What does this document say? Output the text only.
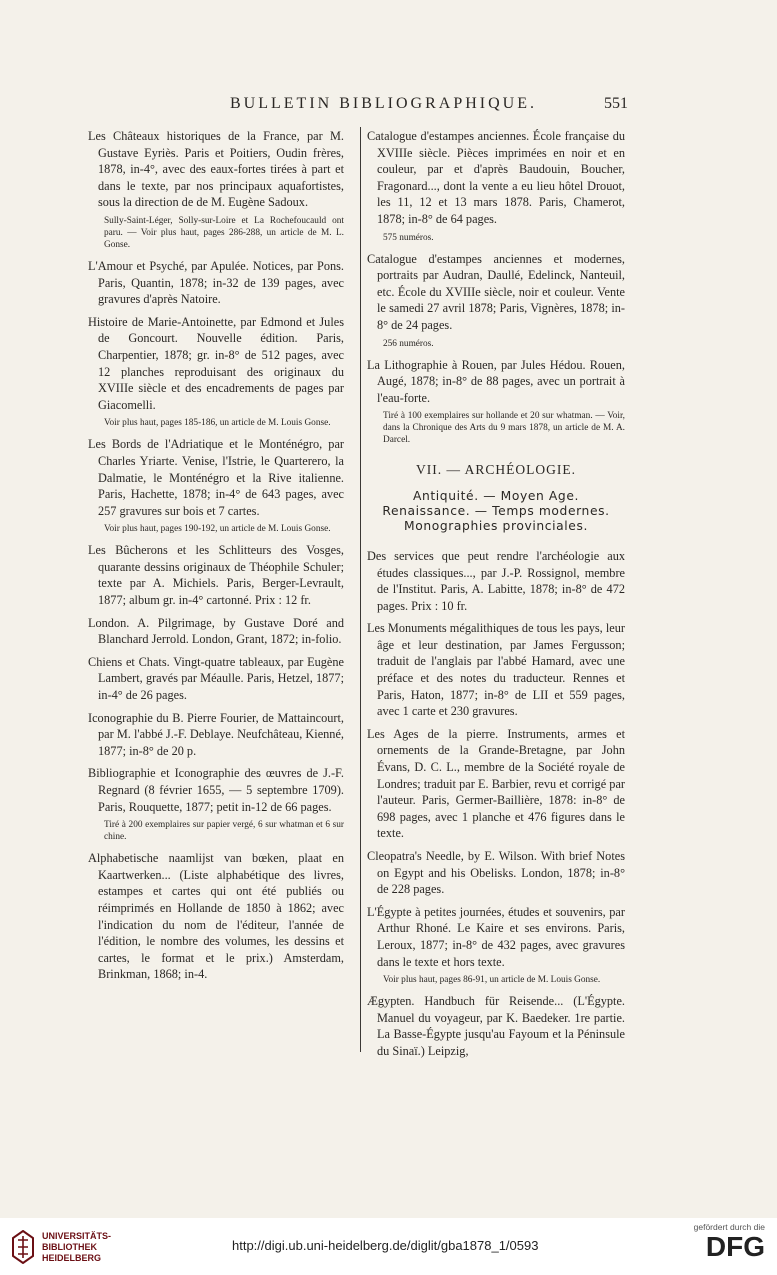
BULLETIN BIBLIOGRAPHIQUE.	551

Les Châteaux historiques de la France, par M. Gustave Eyriès. Paris et Poitiers, Oudin frères, 1878, in-4°, avec des eaux-fortes tirées à part et dans le texte, par nos principaux aquafortistes, sous la direction de de M. Eugène Sadoux.

Sully-Saint-Léger, Solly-sur-Loire et La Rochefoucauld ont paru. — Voir plus haut, pages 286-288, un article de M. L. Gonse.

L'Amour et Psyché, par Apulée. Notices, par Pons. Paris, Quantin, 1878; in-32 de 139 pages, avec gravures d'après Natoire.

Histoire de Marie-Antoinette, par Edmond et Jules de Goncourt. Nouvelle édition. Paris, Charpentier, 1878; gr. in-8° de 512 pages, avec 12 planches reproduisant des originaux du XVIIIe siècle et des encadrements de pages par Giacomelli.

Voir plus haut, pages 185-186, un article de M. Louis Gonse.

Les Bords de l'Adriatique et le Monténégro, par Charles Yriarte. Venise, l'Istrie, le Quarterero, la Dalmatie, le Monténégro et la Rive italienne. Paris, Hachette, 1878; in-4° de 643 pages, avec 257 gravures sur bois et 7 cartes.

Voir plus haut, pages 190-192, un article de M. Louis Gonse.

Les Bûcherons et les Schlitteurs des Vosges, quarante dessins originaux de Théophile Schuler; texte par A. Michiels. Paris, Berger-Levrault, 1877; album gr. in-4° cartonné. Prix : 12 fr.

London. A. Pilgrimage, by Gustave Doré and Blanchard Jerrold. London, Grant, 1872; in-folio.

Chiens et Chats. Vingt-quatre tableaux, par Eugène Lambert, gravés par Méaulle. Paris, Hetzel, 1877; in-4° de 26 pages.

Iconographie du B. Pierre Fourier, de Mattaincourt, par M. l'abbé J.-F. Deblaye. Neufchâteau, Kienné, 1877; in-8° de 20 p.

Bibliographie et Iconographie des œuvres de J.-F. Regnard (8 février 1655, — 5 septembre 1709). Paris, Rouquette, 1877; petit in-12 de 66 pages.

Tiré à 200 exemplaires sur papier vergé, 6 sur whatman et 6 sur chine.

Alphabetische naamlijst van bœken, plaat en Kaartwerken... (Liste alphabétique des livres, estampes et cartes qui ont été publiés ou réimprimés en Hollande de 1850 à 1862; avec l'indication du nom de l'éditeur, l'année de l'édition, le nombre des volumes, les dessins et cartes, le format et le prix.) Amsterdam, Brinkman, 1868; in-4.

Catalogue d'estampes anciennes. École française du XVIIIe siècle. Pièces imprimées en noir et en couleur, par et d'après Baudouin, Boucher, Fragonard..., dont la vente a eu lieu hôtel Drouot, les 11, 12 et 13 mars 1878. Paris, Chamerot, 1878; in-8° de 64 pages.

575 numéros.

Catalogue d'estampes anciennes et modernes, portraits par Audran, Daullé, Edelinck, Nanteuil, etc. École du XVIIIe siècle, noir et couleur. Vente le samedi 27 avril 1878; Paris, Vignères, 1878; in-8° de 24 pages.

256 numéros.

La Lithographie à Rouen, par Jules Hédou. Rouen, Augé, 1878; in-8° de 88 pages, avec un portrait à l'eau-forte.

Tiré à 100 exemplaires sur hollande et 20 sur whatman. — Voir, dans la Chronique des Arts du 9 mars 1878, un article de M. A. Darcel.

VII. — ARCHÉOLOGIE.
Antiquité. — Moyen Age.
Renaissance. — Temps modernes.
Monographies provinciales.

Des services que peut rendre l'archéologie aux études classiques..., par J.-P. Rossignol, membre de l'Institut. Paris, A. Labitte, 1878; in-8° de 472 pages. Prix : 10 fr.

Les Monuments mégalithiques de tous les pays, leur âge et leur destination, par James Fergusson; traduit de l'anglais par l'abbé Hamard, avec une préface et des notes du traducteur. Rennes et Paris, Haton, 1877; in-8° de LII et 559 pages, avec 1 carte et 230 gravures.

Les Ages de la pierre. Instruments, armes et ornements de la Grande-Bretagne, par John Évans, D. C. L., membre de la Société royale de Londres; traduit par E. Barbier, revu et corrigé par l'auteur. Paris, Germer-Baillière, 1878: in-8° de 698 pages, avec 1 planche et 476 figures dans le texte.

Cleopatra's Needle, by E. Wilson. With brief Notes on Egypt and his Obelisks. London, 1878; in-8° de 228 pages.

L'Égypte à petites journées, études et souvenirs, par Arthur Rhoné. Le Kaire et ses environs. Paris, Leroux, 1877; in-8° de 432 pages, avec gravures dans le texte et hors texte.

Voir plus haut, pages 86-91, un article de M. Louis Gonse.

Ægypten. Handbuch für Reisende... (L'Égypte. Manuel du voyageur, par K. Baedeker. 1re partie. La Basse-Égypte jusqu'au Fayoum et la Péninsule du Sinaï.) Leipzig,

UNIVERSITÄTS-
BIBLIOTHEK
HEIDELBERG
http://digi.ub.uni-heidelberg.de/diglit/gba1878_1/0593
gefördert durch die
DFG
